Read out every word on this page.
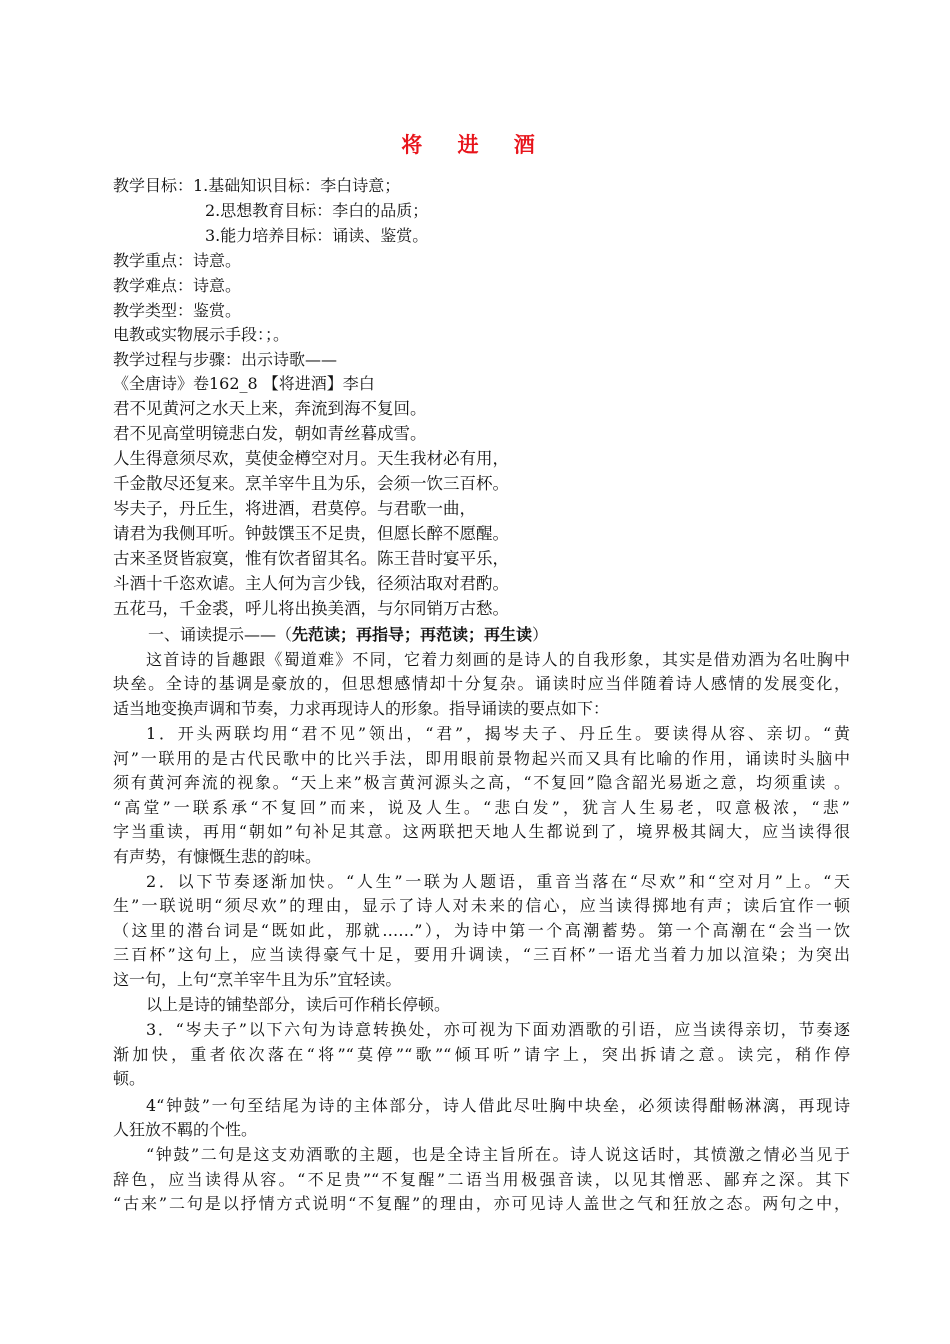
将 进 酒
教学目标：1.基础知识目标：李白诗意；
2.思想教育目标：李白的品质；
3.能力培养目标：诵读、鉴赏。
教学重点：诗意。
教学难点：诗意。
教学类型：鉴赏。
电教或实物展示手段：；。
教学过程与步骤：出示诗歌——
《全唐诗》卷162_8 【将进酒】李白
君不见黄河之水天上来，奔流到海不复回。
君不见高堂明镜悲白发，朝如青丝暮成雪。
人生得意须尽欢，莫使金樽空对月。天生我材必有用，
千金散尽还复来。烹羊宰牛且为乐，会须一饮三百杯。
岑夫子，丹丘生，将进酒，君莫停。与君歌一曲，
请君为我侧耳听。钟鼓馔玉不足贵，但愿长醉不愿醒。
古来圣贤皆寂寞，惟有饮者留其名。陈王昔时宴平乐，
斗酒十千恣欢谑。主人何为言少钱，径须沽取对君酌。
五花马，千金裘，呼儿将出换美酒，与尔同销万古愁。
一、诵读提示——（先范读；再指导；再范读；再生读）
这首诗的旨趣跟《蜀道难》不同，它着力刻画的是诗人的自我形象，其实是借劝酒为名吐胸中
块垒。全诗的基调是豪放的，但思想感情却十分复杂。诵读时应当伴随着诗人感情的发展变化，
适当地变换声调和节奏，力求再现诗人的形象。指导诵读的要点如下：
1．开头两联均用“君不见”领出，“君”，揭岑夫子、丹丘生。要读得从容、亲切。“黄
河”一联用的是古代民歌中的比兴手法，即用眼前景物起兴而又具有比喻的作用，诵读时头脑中
须有黄河奔流的视象。“天上来”极言黄河源头之高，“不复回”隐含韶光易逝之意，均须重读 。
“高堂”一联系承“不复回”而来，说及人生。“悲白发”，犹言人生易老，叹意极浓，“悲”
字当重读，再用“朝如”句补足其意。这两联把天地人生都说到了，境界极其阔大，应当读得很
有声势，有慷慨生悲的韵味。
2．以下节奏逐渐加快。“人生”一联为人题语，重音当落在“尽欢”和“空对月”上。“天
生”一联说明“须尽欢”的理由，显示了诗人对未来的信心，应当读得掷地有声；读后宜作一顿
（这里的潜台词是“既如此，那就……”），为诗中第一个高潮蓄势。第一个高潮在“会当一饮
三百杯”这句上，应当读得豪气十足，要用升调读，“三百杯”一语尤当着力加以渲染；为突出
这一句，上句“烹羊宰牛且为乐”宜轻读。
以上是诗的铺垫部分，读后可作稍长停顿。
3．“岑夫子”以下六句为诗意转换处，亦可视为下面劝酒歌的引语，应当读得亲切，节奏逐
渐加快，重者依次落在“将”“莫停”“歌”“倾耳听”请字上，突出拆请之意。读完，稍作停
顿。
4“钟鼓”一句至结尾为诗的主体部分，诗人借此尽吐胸中块垒，必须读得酣畅淋漓，再现诗
人狂放不羁的个性。
“钟鼓”二句是这支劝酒歌的主题，也是全诗主旨所在。诗人说这话时，其愤激之情必当见于
辞色，应当读得从容。“不足贵”“不复醒”二语当用极强音读，以见其憎恶、鄙弃之深。其下
“古来”二句是以抒情方式说明“不复醒”的理由，亦可见诗人盖世之气和狂放之态。两句之中，
